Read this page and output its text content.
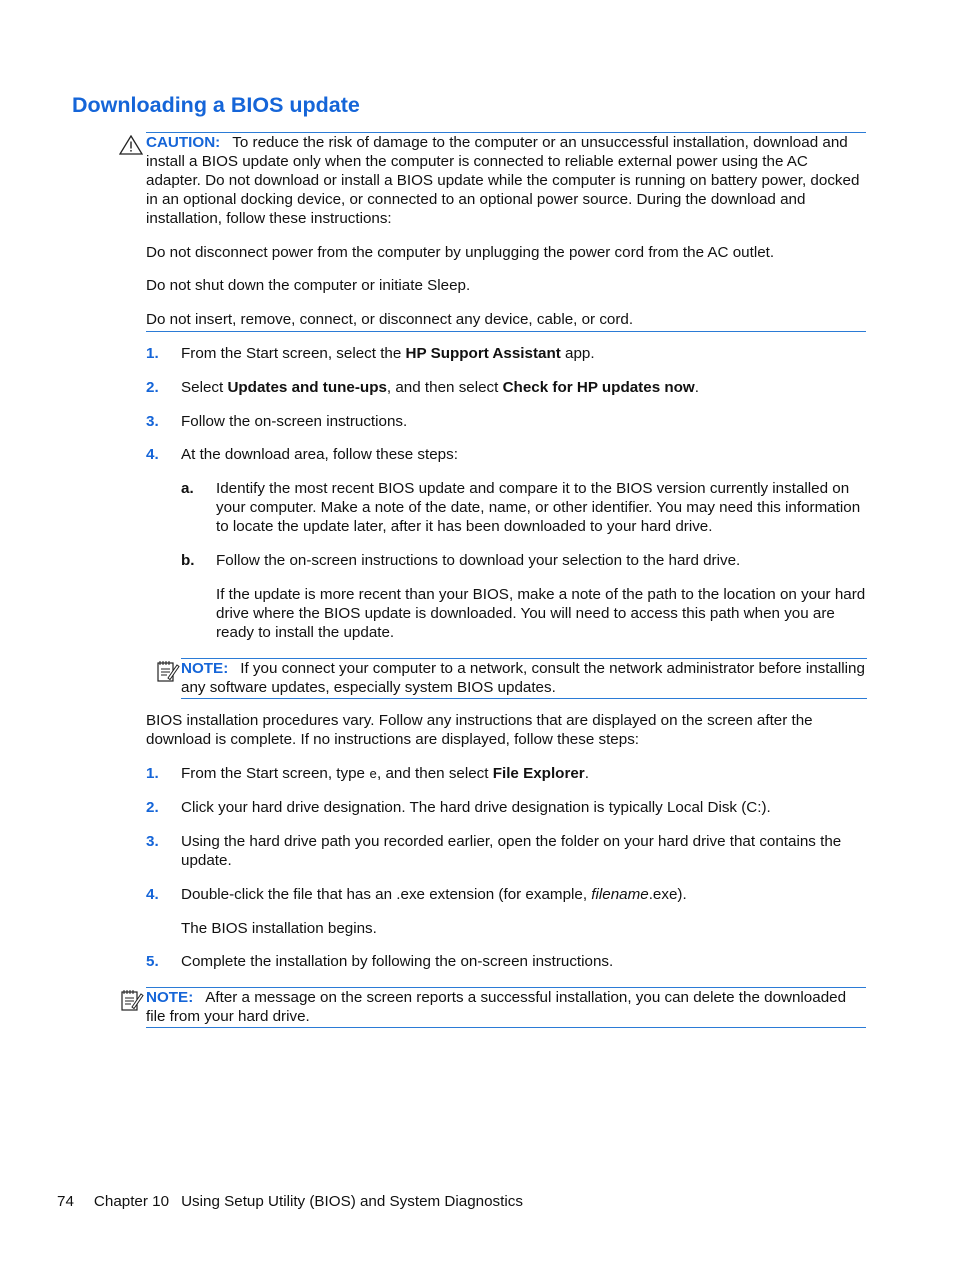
Downloading a BIOS update
CAUTION: To reduce the risk of damage to the computer or an unsuccessful installation, download and install a BIOS update only when the computer is connected to reliable external power using the AC adapter. Do not download or install a BIOS update while the computer is running on battery power, docked in an optional docking device, or connected to an optional power source. During the download and installation, follow these instructions:
Do not disconnect power from the computer by unplugging the power cord from the AC outlet.
Do not shut down the computer or initiate Sleep.
Do not insert, remove, connect, or disconnect any device, cable, or cord.
1.	From the Start screen, select the HP Support Assistant app.
2.	Select Updates and tune-ups, and then select Check for HP updates now.
3.	Follow the on-screen instructions.
4.	At the download area, follow these steps:
a.	Identify the most recent BIOS update and compare it to the BIOS version currently installed on your computer. Make a note of the date, name, or other identifier. You may need this information to locate the update later, after it has been downloaded to your hard drive.
b.	Follow the on-screen instructions to download your selection to the hard drive.
If the update is more recent than your BIOS, make a note of the path to the location on your hard drive where the BIOS update is downloaded. You will need to access this path when you are ready to install the update.
NOTE: If you connect your computer to a network, consult the network administrator before installing any software updates, especially system BIOS updates.
BIOS installation procedures vary. Follow any instructions that are displayed on the screen after the download is complete. If no instructions are displayed, follow these steps:
1.	From the Start screen, type e, and then select File Explorer.
2.	Click your hard drive designation. The hard drive designation is typically Local Disk (C:).
3.	Using the hard drive path you recorded earlier, open the folder on your hard drive that contains the update.
4.	Double-click the file that has an .exe extension (for example, filename.exe).
The BIOS installation begins.
5.	Complete the installation by following the on-screen instructions.
NOTE: After a message on the screen reports a successful installation, you can delete the downloaded file from your hard drive.
74 Chapter 10 Using Setup Utility (BIOS) and System Diagnostics
